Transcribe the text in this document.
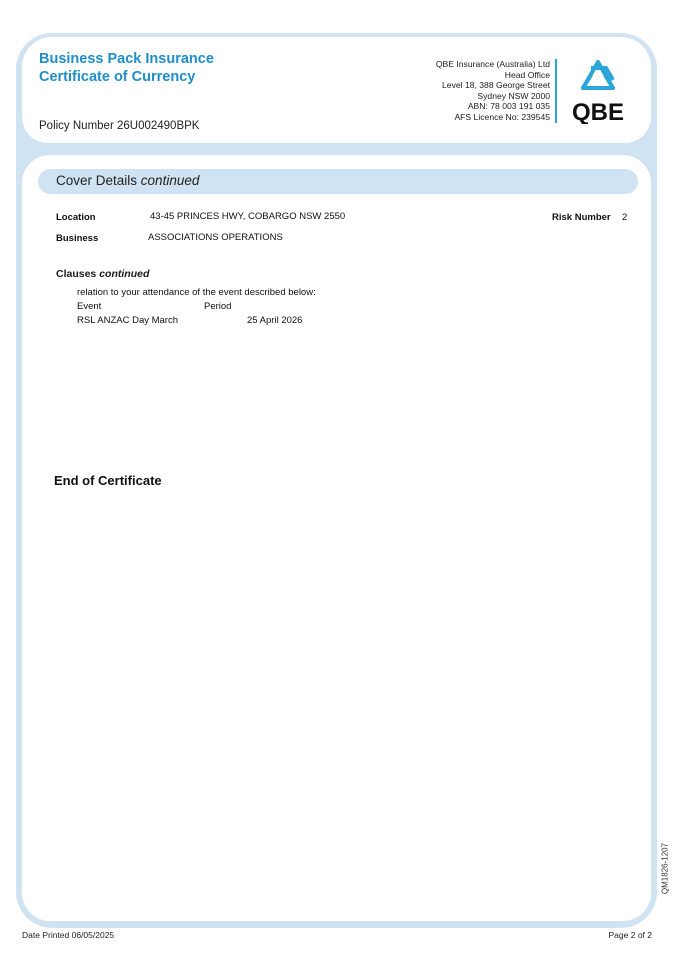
Business Pack Insurance
Certificate of Currency
Policy Number 26U002490BPK
QBE Insurance (Australia) Ltd
Head Office
Level 18, 388 George Street
Sydney NSW 2000
ABN: 78 003 191 035
AFS Licence No: 239545 QBE
Cover Details continued
Location	43-45 PRINCES HWY, COBARGO NSW 2550	Risk Number 2
Business	ASSOCIATIONS OPERATIONS
Clauses continued
relation to your attendance of the event described below:
Event	Period
RSL ANZAC Day March	25 April 2026
End of Certificate
QM1826-1207
Date Printed 06/05/2025	Page 2 of 2
